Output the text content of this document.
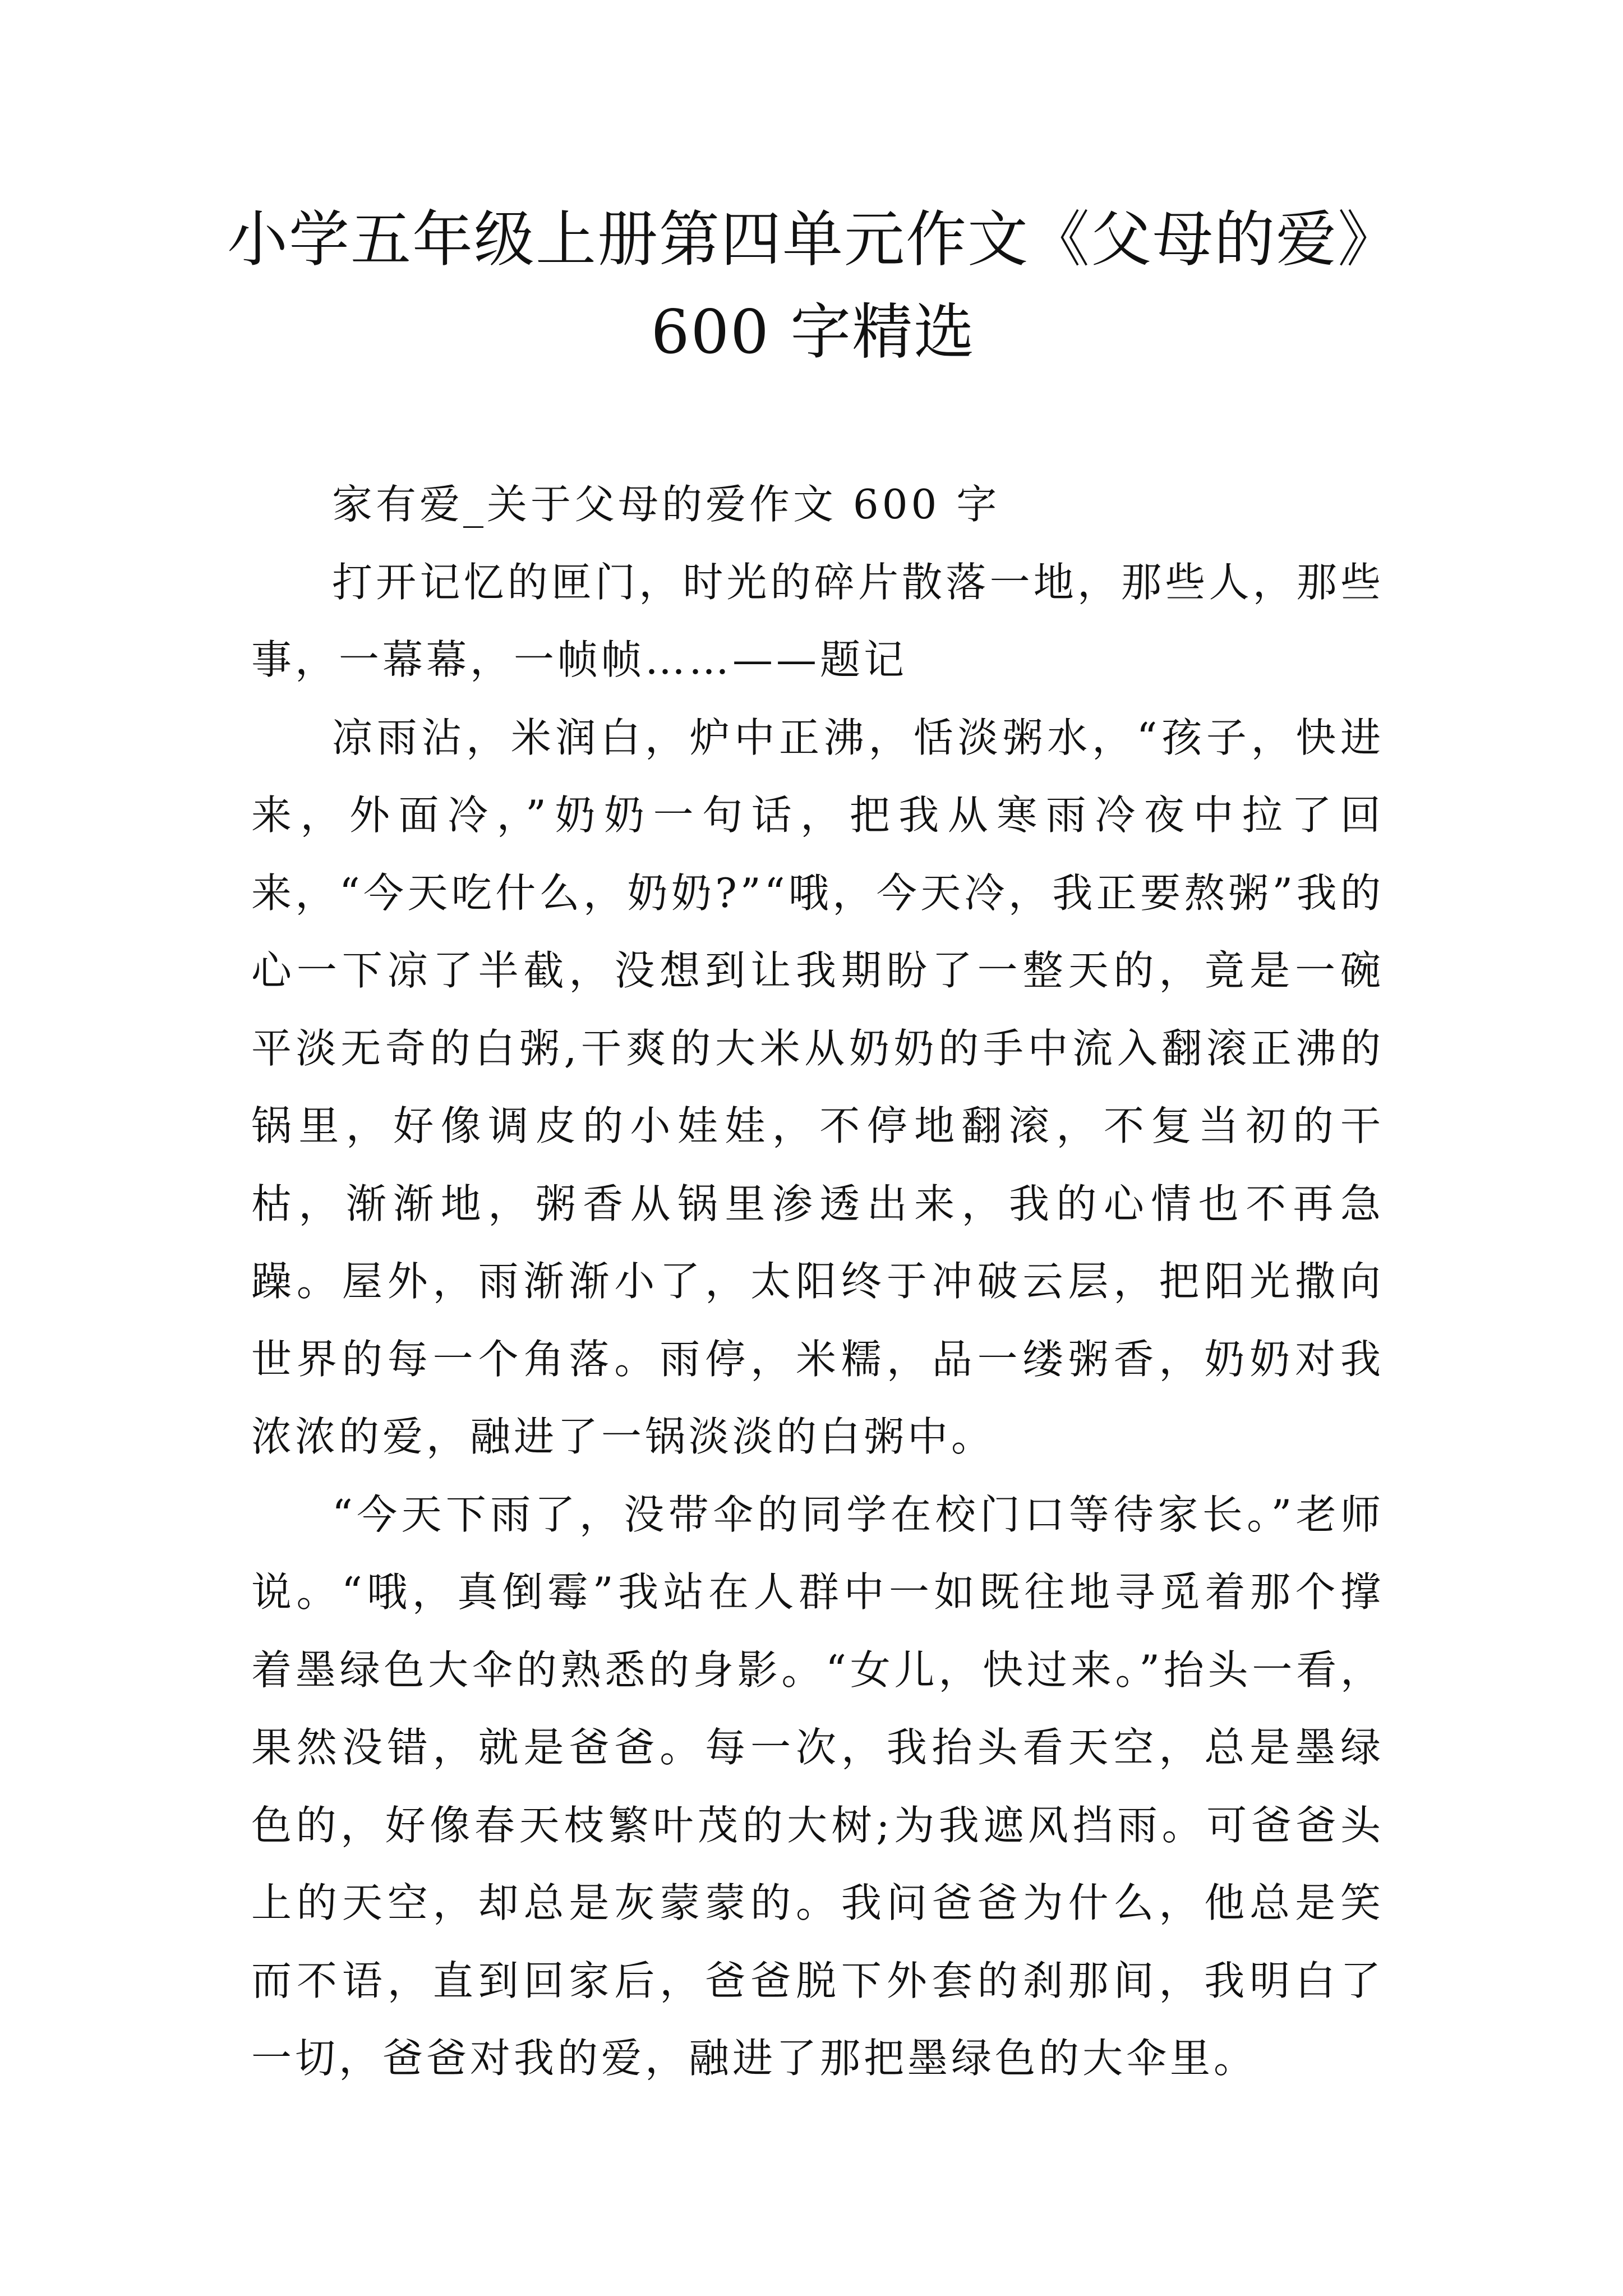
小学五年级上册第四单元作文《父母的爱》
600 字精选

家有爱_关于父母的爱作文 600 字

打开记忆的匣门，时光的碎片散落一地，那些人，那些事，一幕幕，一帧帧……——题记

凉雨沾，米润白，炉中正沸，恬淡粥水，“孩子，快进来，外面冷，”奶奶一句话，把我从寒雨冷夜中拉了回来，“今天吃什么，奶奶?”“哦，今天冷，我正要熬粥”我的心一下凉了半截，没想到让我期盼了一整天的，竟是一碗平淡无奇的白粥,干爽的大米从奶奶的手中流入翻滚正沸的锅里，好像调皮的小娃娃，不停地翻滚，不复当初的干枯，渐渐地，粥香从锅里渗透出来，我的心情也不再急躁。屋外，雨渐渐小了，太阳终于冲破云层，把阳光撒向世界的每一个角落。雨停，米糯，品一缕粥香，奶奶对我浓浓的爱，融进了一锅淡淡的白粥中。

“今天下雨了，没带伞的同学在校门口等待家长。”老师说。“哦，真倒霉”我站在人群中一如既往地寻觅着那个撑着墨绿色大伞的熟悉的身影。“女儿，快过来。”抬头一看，果然没错，就是爸爸。每一次，我抬头看天空，总是墨绿色的，好像春天枝繁叶茂的大树;为我遮风挡雨。可爸爸头上的天空，却总是灰蒙蒙的。我问爸爸为什么，他总是笑而不语，直到回家后，爸爸脱下外套的刹那间，我明白了一切，爸爸对我的爱，融进了那把墨绿色的大伞里。
